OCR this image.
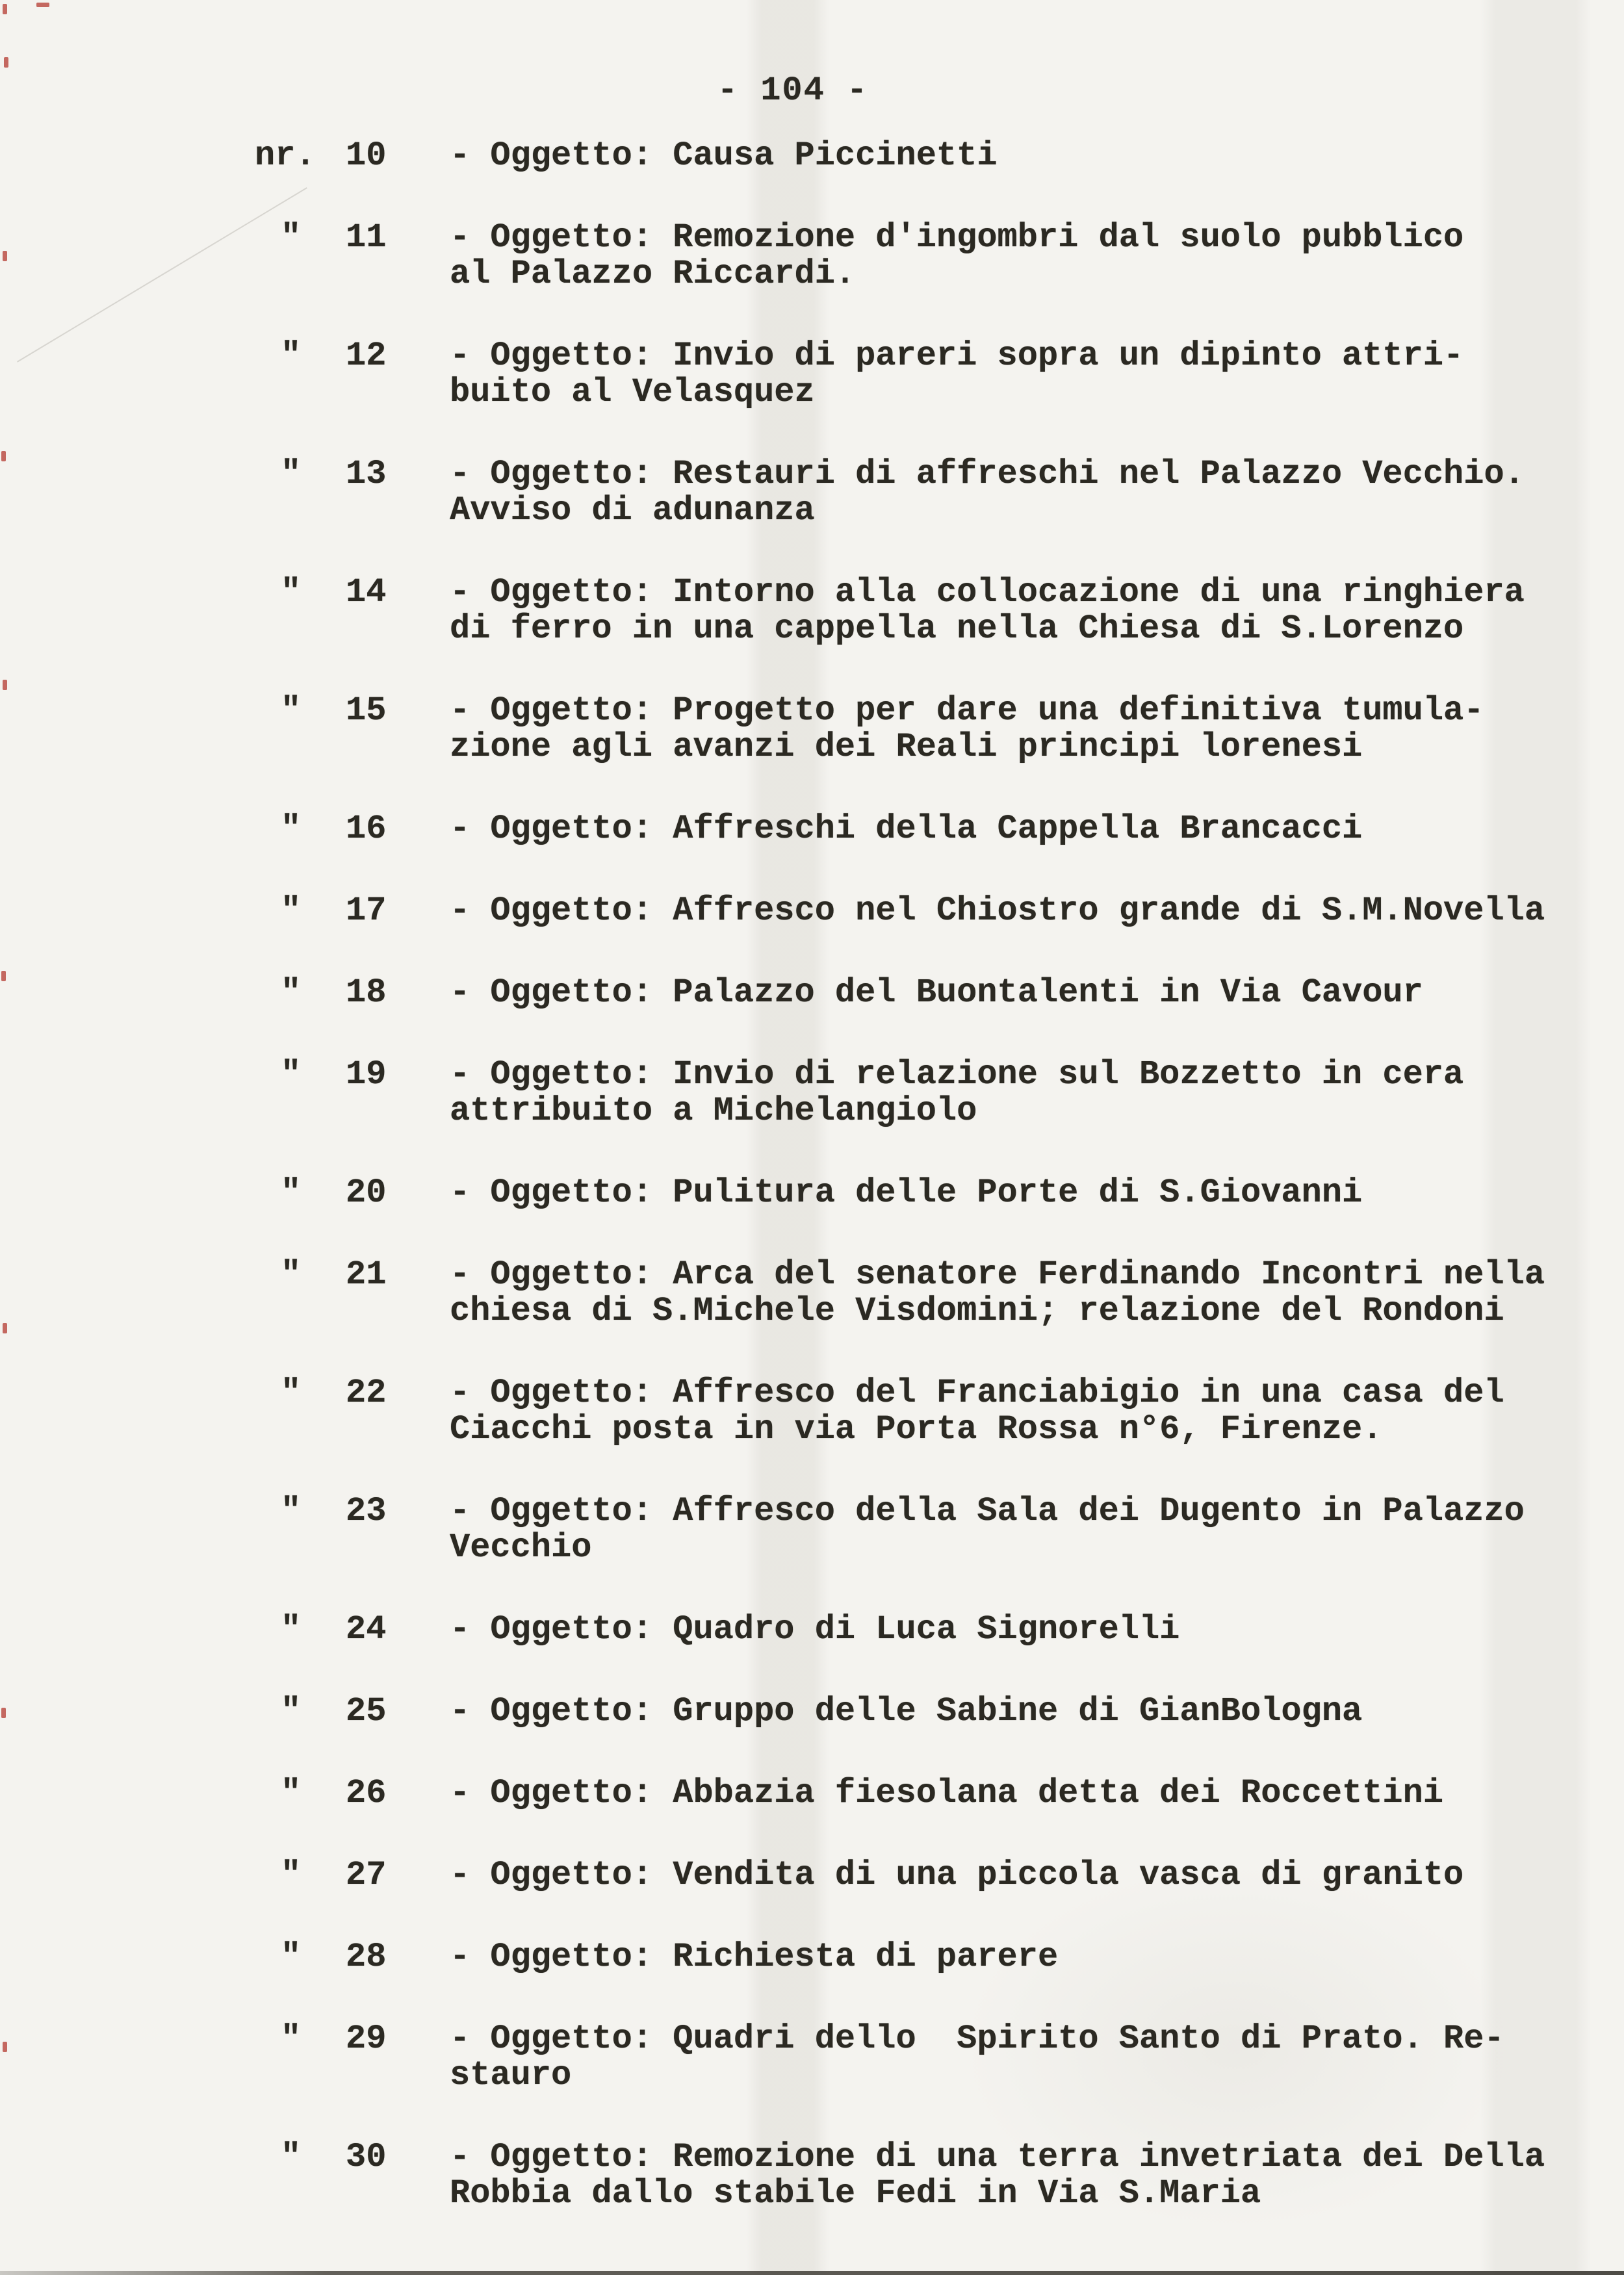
- 104 -
nr. 10	- Oggetto: Causa Piccinetti
"	11	- Oggetto: Remozione d'ingombri dal suolo pubblico
al Palazzo Riccardi.
"	12	- Oggetto: Invio di pareri sopra un dipinto attri-
buito al Velasquez
"	13	- Oggetto: Restauri di affreschi nel Palazzo Vecchio.
Avviso di adunanza
"	14	- Oggetto: Intorno alla collocazione di una ringhiera
di ferro in una cappella nella Chiesa di S.Lorenzo
"	15	- Oggetto: Progetto per dare una definitiva tumula-
zione agli avanzi dei Reali principi lorenesi
"	16	- Oggetto: Affreschi della Cappella Brancacci
"	17	- Oggetto: Affresco nel Chiostro grande di S.M.Novella
"	18	- Oggetto: Palazzo del Buontalenti in Via Cavour
"	19	- Oggetto: Invio di relazione sul Bozzetto in cera
attribuito a Michelangiolo
"	20	- Oggetto: Pulitura delle Porte di S.Giovanni
"	21	- Oggetto: Arca del senatore Ferdinando Incontri nella
chiesa di S.Michele Visdomini; relazione del Rondoni
"	22	- Oggetto: Affresco del Franciabigio in una casa del
Ciacchi posta in via Porta Rossa n°6, Firenze.
"	23	- Oggetto: Affresco della Sala dei Dugento in Palazzo
Vecchio
"	24	- Oggetto: Quadro di Luca Signorelli
"	25	- Oggetto: Gruppo delle Sabine di GianBologna
"	26	- Oggetto: Abbazia fiesolana detta dei Roccettini
"	27	- Oggetto: Vendita di una piccola vasca di granito
"	28	- Oggetto: Richiesta di parere
"	29	- Oggetto: Quadri dello  Spirito Santo di Prato. Re-
stauro
"	30	- Oggetto: Remozione di una terra invetriata dei Della
Robbia dallo stabile Fedi in Via S.Maria
